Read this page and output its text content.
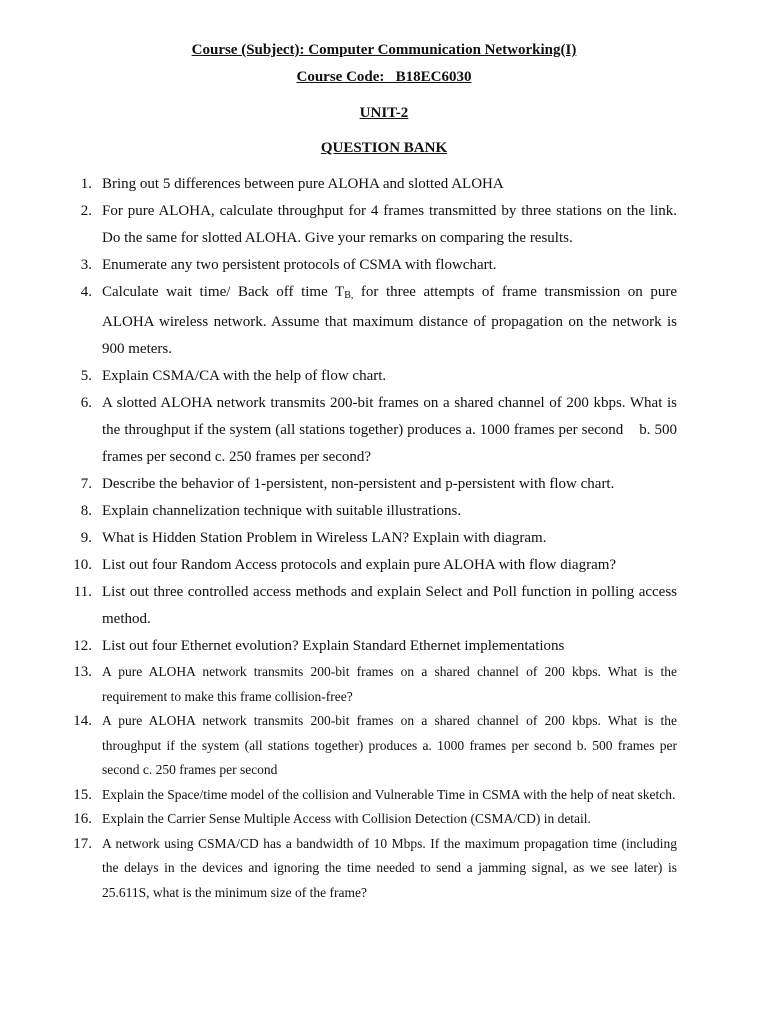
Course (Subject): Computer Communication Networking(I)
Course Code:   B18EC6030
UNIT-2
QUESTION BANK
1. Bring out 5 differences between pure ALOHA and slotted ALOHA
2. For pure ALOHA, calculate throughput for 4 frames transmitted by three stations on the link. Do the same for slotted ALOHA. Give your remarks on comparing the results.
3. Enumerate any two persistent protocols of CSMA with flowchart.
4. Calculate wait time/ Back off time $T_{B,}$ for three attempts of frame transmission on pure ALOHA wireless network. Assume that maximum distance of propagation on the network is 900 meters.
5. Explain CSMA/CA with the help of flow chart.
6. A slotted ALOHA network transmits 200-bit frames on a shared channel of 200 kbps. What is the throughput if the system (all stations together) produces a. 1000 frames per second    b. 500 frames per second c. 250 frames per second?
7. Describe the behavior of 1-persistent, non-persistent and p-persistent with flow chart.
8. Explain channelization technique with suitable illustrations.
9. What is Hidden Station Problem in Wireless LAN? Explain with diagram.
10. List out four Random Access protocols and explain pure ALOHA with flow diagram?
11. List out three controlled access methods and explain Select and Poll function in polling access method.
12. List out four Ethernet evolution? Explain Standard Ethernet implementations
13. A pure ALOHA network transmits 200-bit frames on a shared channel of 200 kbps. What is the requirement to make this frame collision-free?
14. A pure ALOHA network transmits 200-bit frames on a shared channel of 200 kbps. What is the throughput if the system (all stations together) produces a. 1000 frames per second b. 500 frames per second c. 250 frames per second
15. Explain the Space/time model of the collision and Vulnerable Time in CSMA with the help of neat sketch.
16. Explain the Carrier Sense Multiple Access with Collision Detection (CSMA/CD) in detail.
17. A network using CSMA/CD has a bandwidth of 10 Mbps. If the maximum propagation time (including the delays in the devices and ignoring the time needed to send a jamming signal, as we see later) is 25.611S, what is the minimum size of the frame?
